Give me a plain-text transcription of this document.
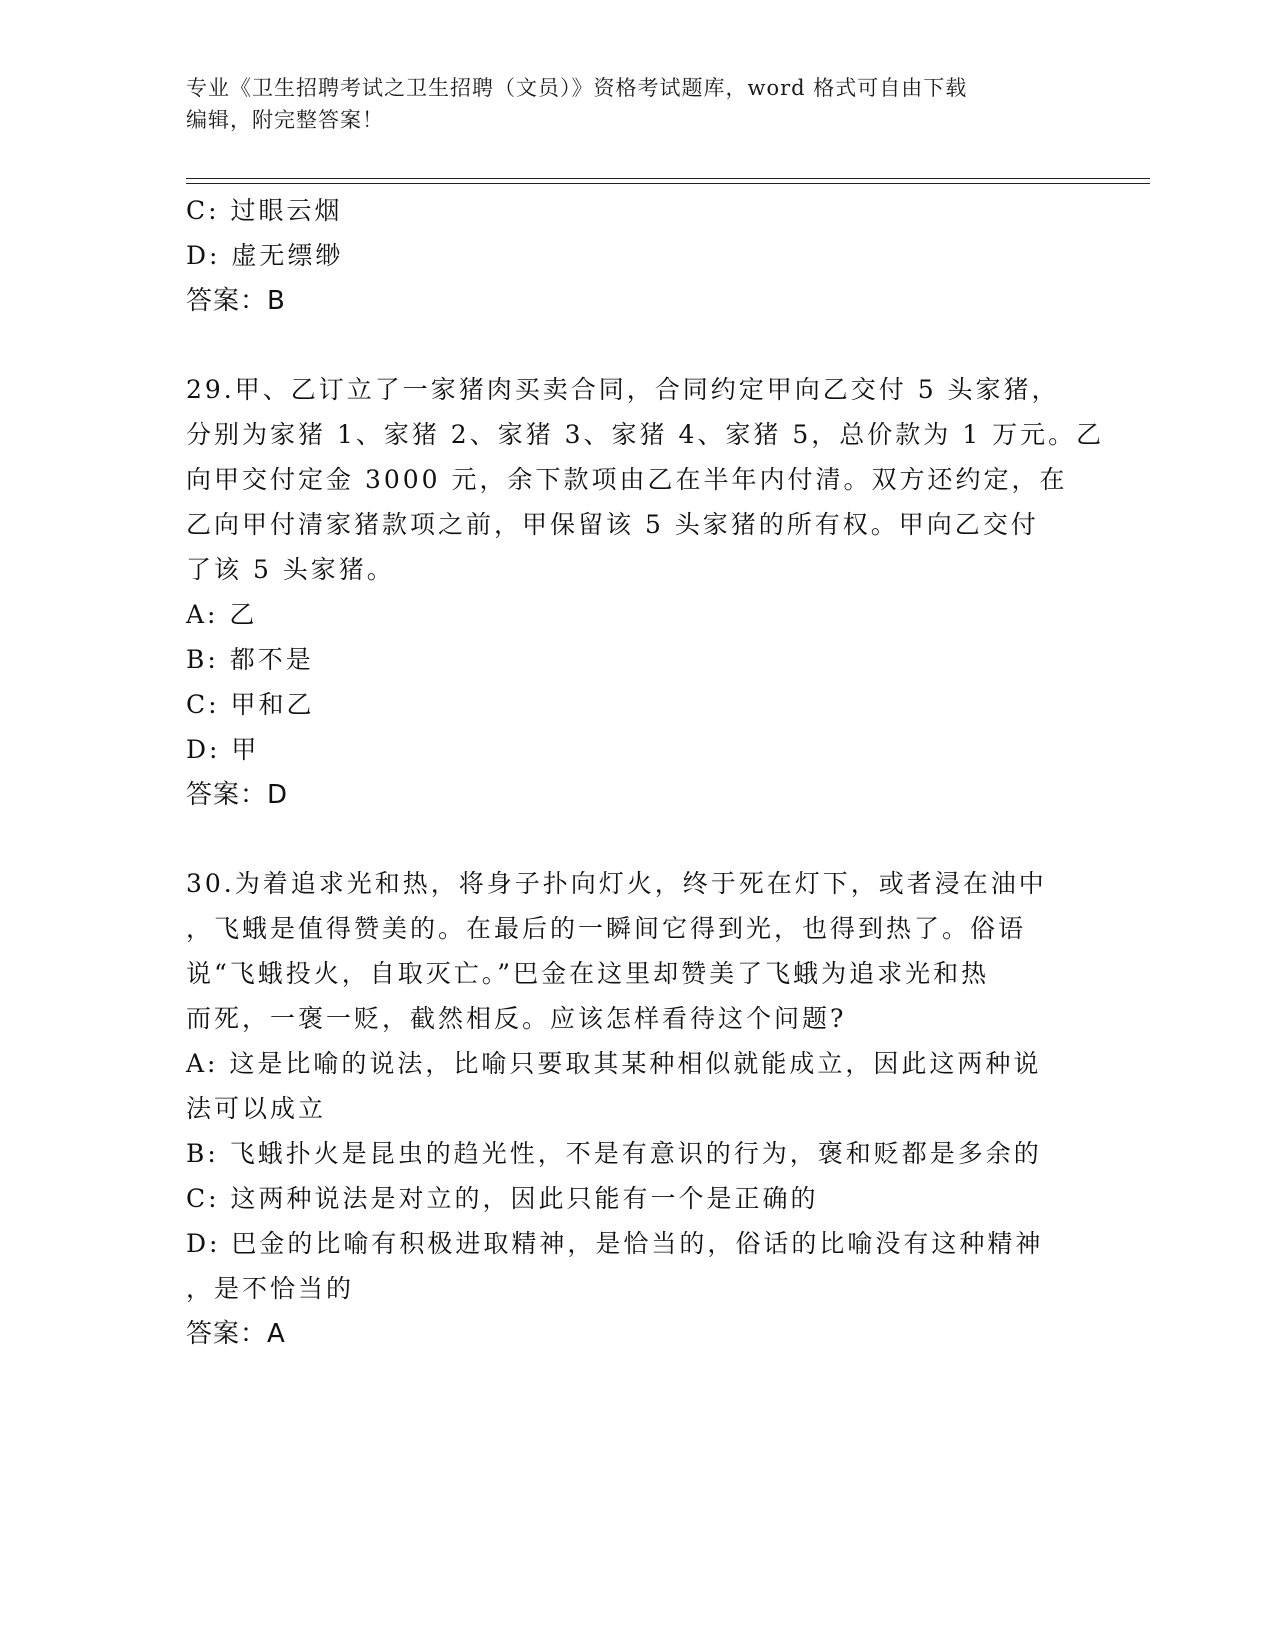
专业《卫生招聘考试之卫生招聘（文员）》资格考试题库，word 格式可自由下载
编辑，附完整答案！
C: 过眼云烟
D: 虚无缥缈
答案：B
29.甲、乙订立了一家猪肉买卖合同，合同约定甲向乙交付 5 头家猪，
分别为家猪 1、家猪 2、家猪 3、家猪 4、家猪 5，总价款为 1 万元。乙
向甲交付定金 3000 元，余下款项由乙在半年内付清。双方还约定，在
乙向甲付清家猪款项之前，甲保留该 5 头家猪的所有权。甲向乙交付
了该 5 头家猪。
A: 乙
B: 都不是
C: 甲和乙
D: 甲
答案：D
30.为着追求光和热，将身子扑向灯火，终于死在灯下，或者浸在油中
，飞蛾是值得赞美的。在最后的一瞬间它得到光，也得到热了。俗语
说“飞蛾投火，自取灭亡。”巴金在这里却赞美了飞蛾为追求光和热
而死，一褒一贬，截然相反。应该怎样看待这个问题?
A: 这是比喻的说法，比喻只要取其某种相似就能成立，因此这两种说
法可以成立
B: 飞蛾扑火是昆虫的趋光性，不是有意识的行为，褒和贬都是多余的
C: 这两种说法是对立的，因此只能有一个是正确的
D: 巴金的比喻有积极进取精神，是恰当的，俗话的比喻没有这种精神
，是不恰当的
答案：A
